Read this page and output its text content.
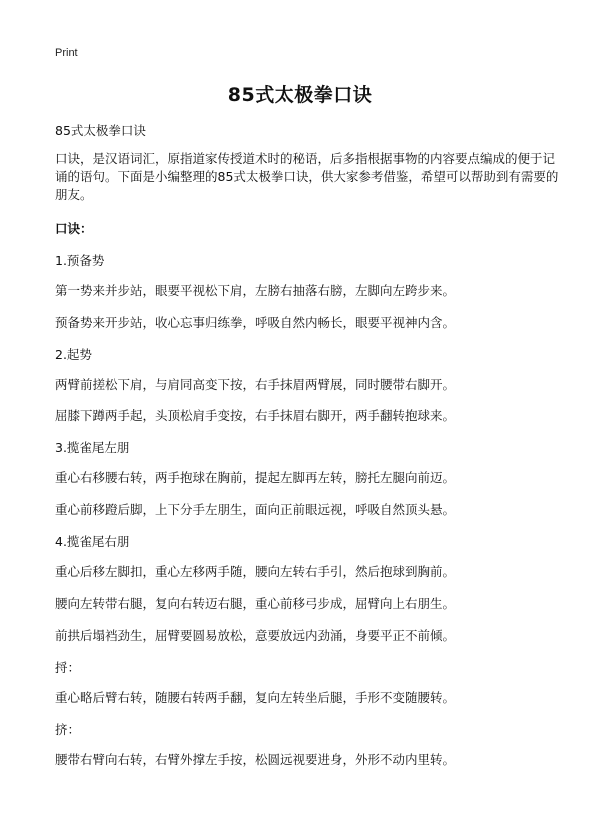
Print
85式太极拳口诀
85式太极拳口诀
口诀，是汉语词汇，原指道家传授道术时的秘语，后多指根据事物的内容要点编成的便于记诵的语句。下面是小编整理的85式太极拳口诀，供大家参考借鉴，希望可以帮助到有需要的朋友。
口诀：
1.预备势
第一势来并步站，眼要平视松下肩，左膀右抽落右膀，左脚向左跨步来。
预备势来开步站，收心忘事归练拳，呼吸自然内畅长，眼要平视神内含。
2.起势
两臂前搓松下肩，与肩同高变下按，右手抹眉两臂展，同时腰带右脚开。
屈膝下蹲两手起，头顶松肩手变按，右手抹眉右脚开，两手翻转抱球来。
3.揽雀尾左朋
重心右移腰右转，两手抱球在胸前，提起左脚再左转，膀托左腿向前迈。
重心前移蹬后脚，上下分手左朋生，面向正前眼远视，呼吸自然顶头悬。
4.揽雀尾右朋
重心后移左脚扣，重心左移两手随，腰向左转右手引，然后抱球到胸前。
腰向左转带右腿，复向右转迈右腿，重心前移弓步成，屈臂向上右朋生。
前拱后塌裆劲生，屈臂要圆易放松，意要放远内劲涌，身要平正不前倾。
捋：
重心略后臂右转，随腰右转两手翻，复向左转坐后腿，手形不变随腰转。
挤：
腰带右臂向右转，右臂外撑左手按，松圆远视要进身，外形不动内里转。
